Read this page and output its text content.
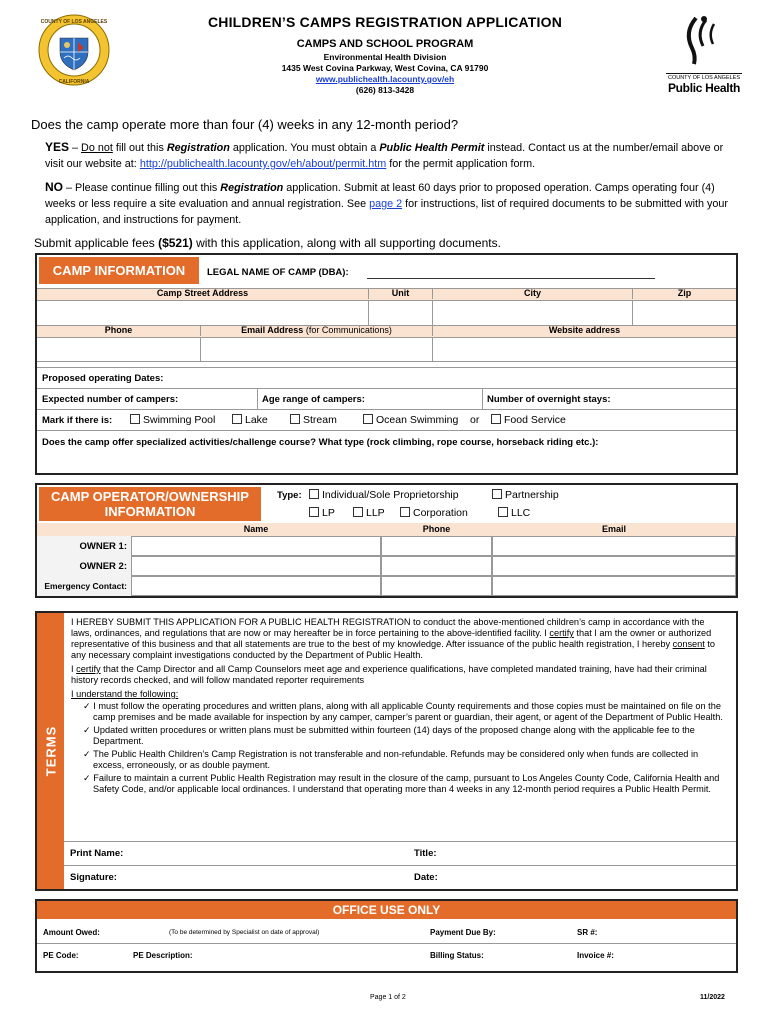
COUNTY OF LOS ANGELES
CALIFORNIA
CHILDREN’S CAMPS REGISTRATION APPLICATION
CAMPS AND SCHOOL PROGRAM
Environmental Health Division
1435 West Covina Parkway, West Covina, CA 91790
www.publichealth.lacounty.gov/eh
(626) 813-3428
COUNTY OF LOS ANGELES
Public Health
Does the camp operate more than four (4) weeks in any 12-month period?
YES – Do not fill out this Registration application. You must obtain a Public Health Permit instead. Contact us at the number/email above or visit our website at: http://publichealth.lacounty.gov/eh/about/permit.htm for the permit application form.
NO – Please continue filling out this Registration application. Submit at least 60 days prior to proposed operation. Camps operating four (4) weeks or less require a site evaluation and annual registration. See page 2 for instructions, list of required documents to be submitted with your application, and instructions for payment.
Submit applicable fees ($521) with this application, along with all supporting documents.
CAMP INFORMATION	LEGAL NAME OF CAMP (DBA):
Camp Street Address	Unit	City	Zip
Phone	Email Address (for Communications)	Website address
Proposed operating Dates:
Expected number of campers:	Age range of campers:	Number of overnight stays:
Mark if there is:	Swimming Pool	Lake	Stream	Ocean Swimming or	Food Service
Does the camp offer specialized activities/challenge course? What type (rock climbing, rope course, horseback riding etc.):
CAMP OPERATOR/OWNERSHIP
INFORMATION
Type:	Individual/Sole Proprietorship	Partnership
LP	LLP	Corporation	LLC
Name	Phone	Email
OWNER 1:
OWNER 2:
Emergency Contact:
TERMS

I HEREBY SUBMIT THIS APPLICATION FOR A PUBLIC HEALTH REGISTRATION to conduct the above-mentioned children’s camp in accordance with the laws, ordinances, and regulations that are now or may hereafter be in force pertaining to the above-identified facility. I certify that I am the owner or authorized representative of this business and that all statements are true to the best of my knowledge. After issuance of the public health registration, I hereby consent to any necessary complaint investigations conducted by the Department of Public Health.

I certify that the Camp Director and all Camp Counselors meet age and experience qualifications, have completed mandated training, have had their criminal history records checked, and will follow mandated reporter requirements

I understand the following:

✓ I must follow the operating procedures and written plans, along with all applicable County requirements and those copies must be maintained on file on the camp premises and be made available for inspection by any camper, camper’s parent or guardian, their agent, or agent of the Department of Public Health.

✓ Updated written procedures or written plans must be submitted within fourteen (14) days of the proposed change along with the applicable fee to the Department.

✓ The Public Health Children’s Camp Registration is not transferable and non-refundable. Refunds may be considered only when funds are collected in excess, erroneously, or as double payment.

✓ Failure to maintain a current Public Health Registration may result in the closure of the camp, pursuant to Los Angeles County Code, California Health and Safety Code, and/or applicable local ordinances. I understand that operating more than 4 weeks in any 12-month period requires a Public Health Permit.

Print Name:	Title:
Signature:	Date:
OFFICE USE ONLY
Amount Owed:	(To be determined by Specialist on date of approval)	Payment Due By:	SR #:
PE Code:	PE Description:	Billing Status:	Invoice #:
Page 1 of 2	11/2022
